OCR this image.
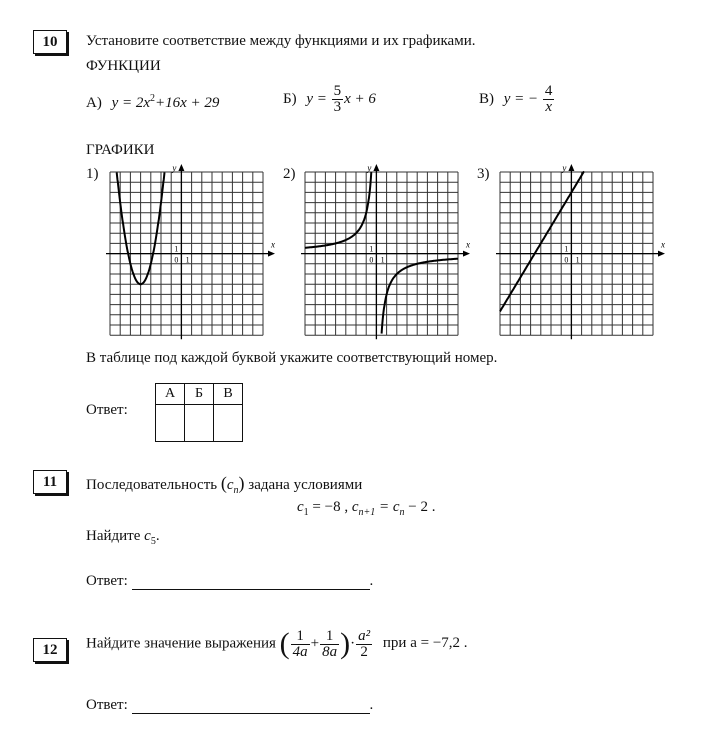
10	Установите соответствие между функциями и их графиками.
ФУНКЦИИ
А) $y = 2x^2+16x + 29$	Б) $y = \frac{5}{3}$ x + 6	В) y = − $\frac{4}{x}$
ГРАФИКИ
1)	2)	3)
x
y
1
0 1
x
y
1
0 1
x
y
1
0 1
В таблице под каждой буквой укажите соответствующий номер.
Ответ:
А	Б	В

11	Последовательность $(c_n)$ задана условиями
$c_1 = -8$ , $c_{n+1} = c_n - 2$ .
Найдите $c_5$.
Ответ:	.
12	Найдите значение выражения ( $\frac{1}{4a} + \frac{1}{8a}$ )· $\frac{\text{a²}}{2}$ при a = −7,2 .
Ответ:	.
